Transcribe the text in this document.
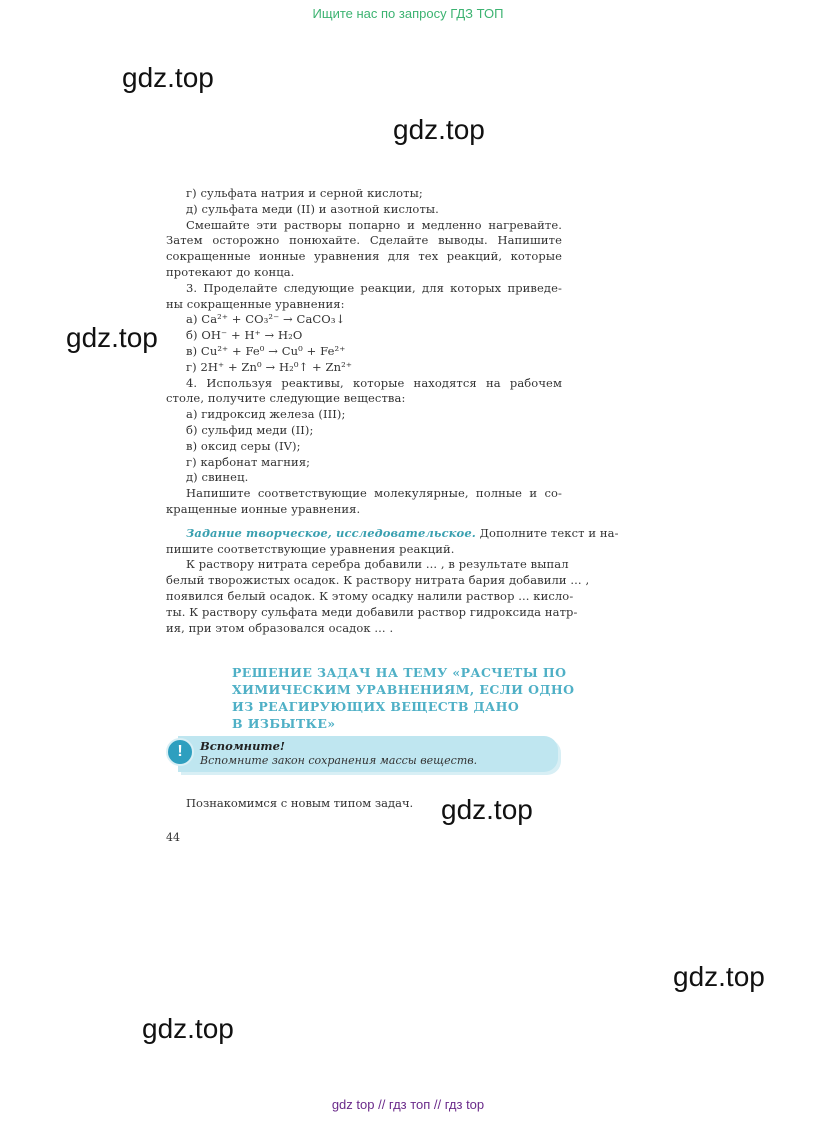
Ищите нас по запросу ГДЗ ТОП
gdz.top
gdz.top
gdz.top
gdz.top
gdz.top
gdz.top
г) сульфата натрия и серной кислоты;
д) сульфата меди (II) и азотной кислоты.
Смешайте эти растворы попарно и медленно нагревайте.
Затем осторожно понюхайте. Сделайте выводы. Напишите
сокращенные ионные уравнения для тех реакций, которые
протекают до конца.
3. Проделайте следующие реакции, для которых приведе-
ны сокращенные уравнения:
а) Ca²⁺ + CO₃²⁻ → CaCO₃↓
б) OH⁻ + H⁺ → H₂O
в) Cu²⁺ + Fe⁰ → Cu⁰ + Fe²⁺
г) 2H⁺ + Zn⁰ → H₂⁰↑ + Zn²⁺
4. Используя реактивы, которые находятся на рабочем
столе, получите следующие вещества:
а) гидроксид железа (III);
б) сульфид меди (II);
в) оксид серы (IV);
г) карбонат магния;
д) свинец.
Напишите соответствующие молекулярные, полные и со-
кращенные ионные уравнения.
Задание творческое, исследовательское. Дополните текст и на-
пишите соответствующие уравнения реакций.
К раствору нитрата серебра добавили ... , в результате выпал
белый творожистых осадок. К раствору нитрата бария добавили ... ,
появился белый осадок. К этому осадку налили раствор ... кисло-
ты. К раствору сульфата меди добавили раствор гидроксида натр-
ия, при этом образовался осадок ... .
РЕШЕНИЕ ЗАДАЧ НА ТЕМУ «РАСЧЕТЫ ПО
ХИМИЧЕСКИМ УРАВНЕНИЯМ, ЕСЛИ ОДНО
ИЗ РЕАГИРУЮЩИХ ВЕЩЕСТВ ДАНО
В ИЗБЫТКЕ»
!	Вспомните!
Вспомните закон сохранения массы веществ.
Познакомимся с новым типом задач.
44
gdz top // гдз топ // гдз top
